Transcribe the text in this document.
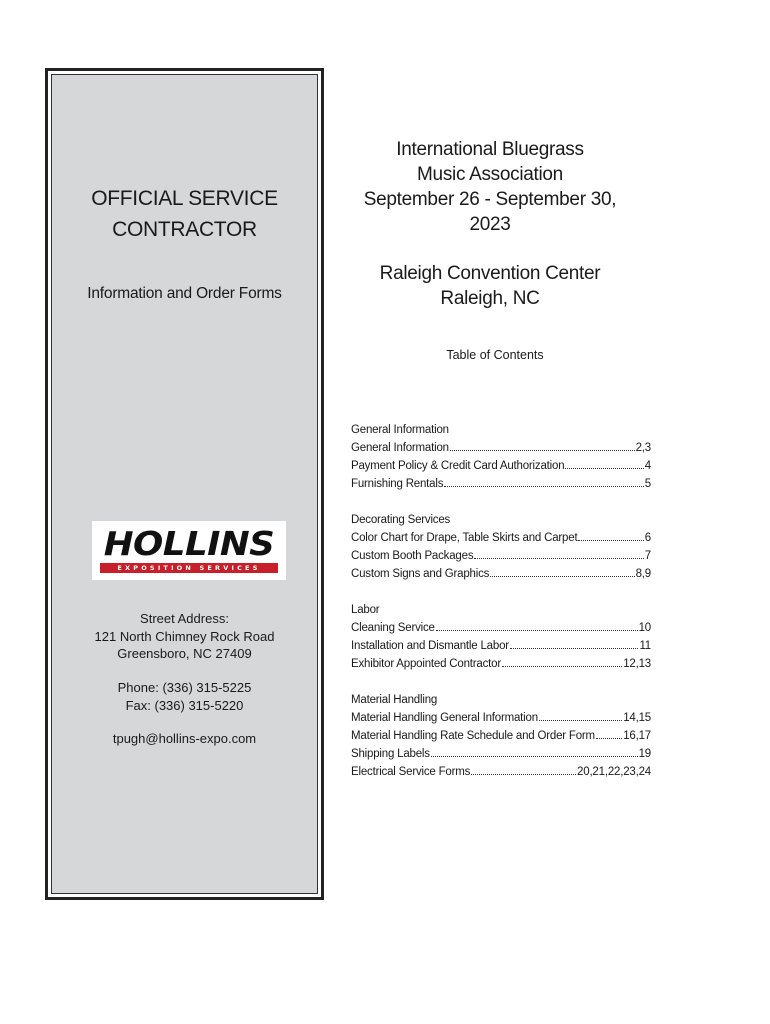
OFFICIAL SERVICE
CONTRACTOR
Information and Order Forms
HOLLINS
EXPOSITION SERVICES
Street Address:
121 North Chimney Rock Road
Greensboro, NC 27409
Phone: (336) 315-5225
Fax: (336) 315-5220
tpugh@hollins-expo.com
International Bluegrass
Music Association
September 26 - September 30,
2023
Raleigh Convention Center
Raleigh, NC
Table of Contents
General Information
General Information	2,3
Payment Policy & Credit Card Authorization	4
Furnishing Rentals	5
Decorating Services
Color Chart for Drape, Table Skirts and Carpet	6
Custom Booth Packages	7
Custom Signs and Graphics	8,9
Labor
Cleaning Service	10
Installation and Dismantle Labor	11
Exhibitor Appointed Contractor	12,13
Material Handling
Material Handling General Information	14,15
Material Handling Rate Schedule and Order Form 16,17
Shipping Labels	19
Electrical Service Forms	20,21,22,23,24
